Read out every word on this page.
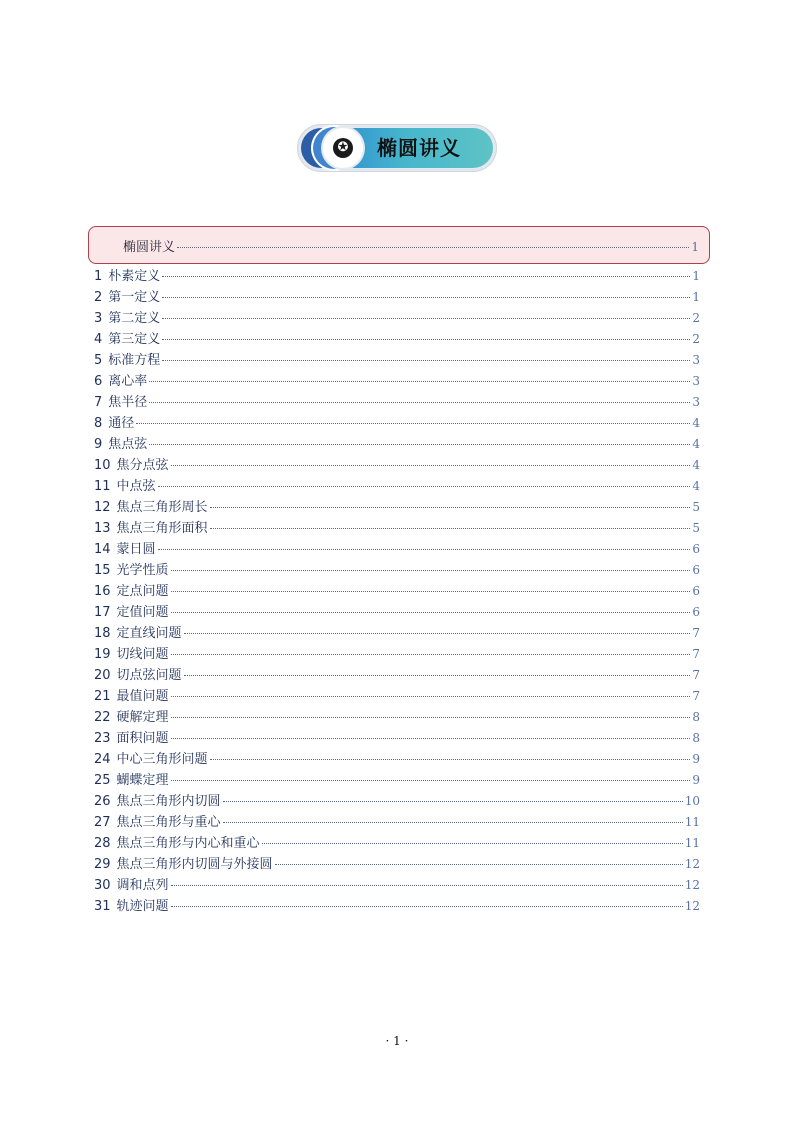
✪ 椭圆讲义
椭圆讲义	1
1 朴素定义	1
2 第一定义	1
3 第二定义	2
4 第三定义	2
5 标准方程	3
6 离心率	3
7 焦半径	3
8 通径	4
9 焦点弦	4
10 焦分点弦	4
11 中点弦	4
12 焦点三角形周长	5
13 焦点三角形面积	5
14 蒙日圆	6
15 光学性质	6
16 定点问题	6
17 定值问题	6
18 定直线问题	7
19 切线问题	7
20 切点弦问题	7
21 最值问题	7
22 硬解定理	8
23 面积问题	8
24 中心三角形问题	9
25 蝴蝶定理	9
26 焦点三角形内切圆	10
27 焦点三角形与重心	11
28 焦点三角形与内心和重心	11
29 焦点三角形内切圆与外接圆	12
30 调和点列	12
31 轨迹问题	12
· 1 ·
